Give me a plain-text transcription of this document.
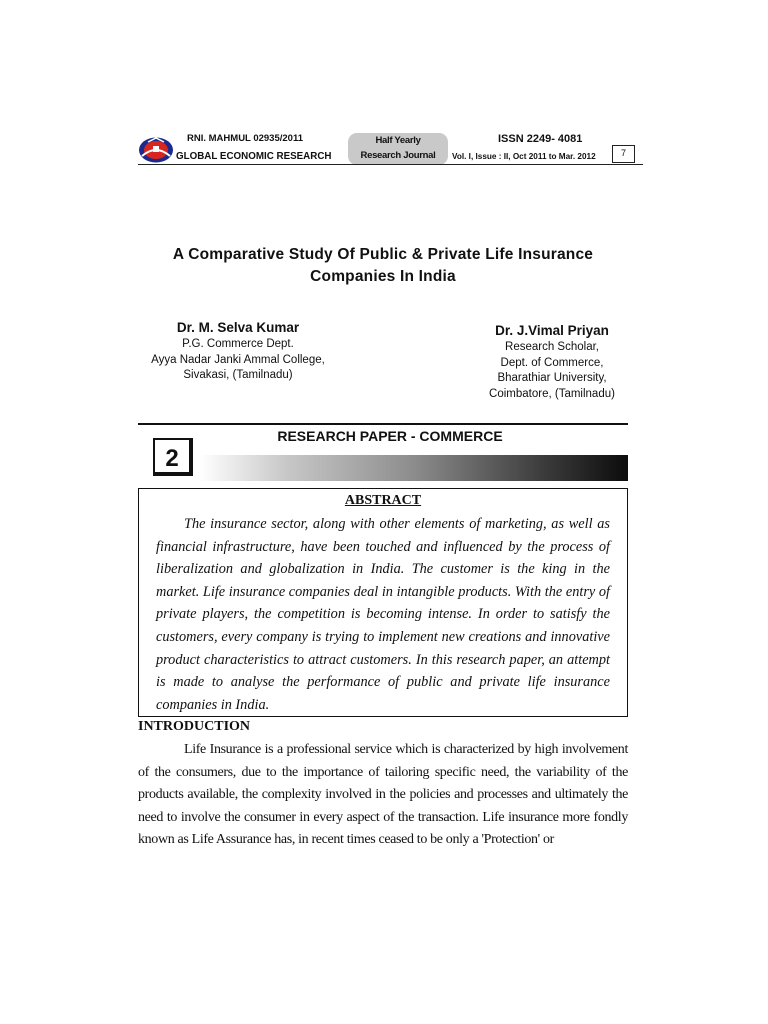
RNI. MAHMUL 02935/2011
GLOBAL ECONOMIC RESEARCH
Half Yearly
Research Journal
ISSN 2249- 4081
Vol. I, Issue : II, Oct 2011 to Mar. 2012	7
A Comparative Study Of Public & Private Life Insurance Companies In India
Dr. M. Selva Kumar
P.G. Commerce Dept.
Ayya Nadar Janki Ammal College,
Sivakasi, (Tamilnadu)
Dr. J.Vimal Priyan
Research Scholar,
Dept. of Commerce,
Bharathiar University,
Coimbatore, (Tamilnadu)
RESEARCH PAPER - COMMERCE
2
ABSTRACT
The insurance sector, along with other elements of marketing, as well as financial infrastructure, have been touched and influenced by the process of liberalization and globalization in India. The customer is the king in the market. Life insurance companies deal in intangible products. With the entry of private players, the competition is becoming intense. In order to satisfy the customers, every company is trying to implement new creations and innovative product characteristics to attract customers. In this research paper, an attempt is made to analyse the performance of public and private life insurance companies in India.
INTRODUCTION
Life Insurance is a professional service which is characterized by high involvement of the consumers, due to the importance of tailoring specific need, the variability of the products available, the complexity involved in the policies and processes and ultimately the need to involve the consumer in every aspect of the transaction. Life insurance more fondly known as Life Assurance has, in recent times ceased to be only a 'Protection' or
